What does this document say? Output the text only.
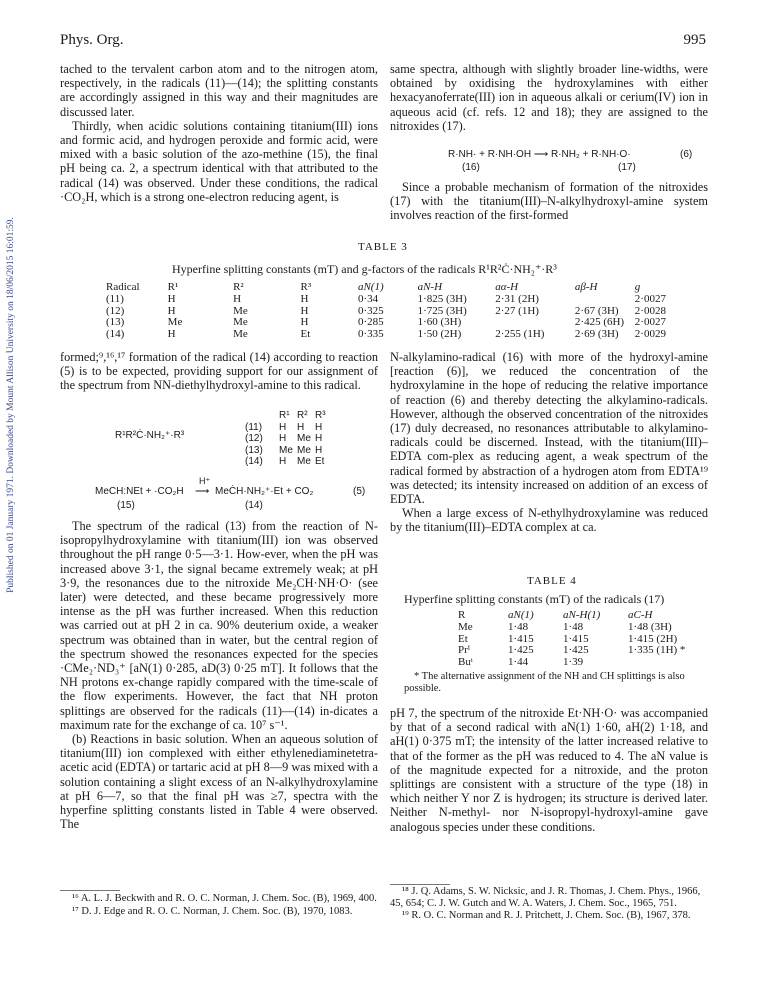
Published on 01 January 1971. Downloaded by Mount Allison University on 18/06/2015 16:01:59.
Phys. Org.	995

tached to the tervalent carbon atom and to the nitrogen atom, respectively, in the radicals (11)—(14); the splitting constants are accordingly assigned in this way and their magnitudes are discussed later.

Thirdly, when acidic solutions containing titanium(III) ions and formic acid, and hydrogen peroxide and formic acid, were mixed with a basic solution of the azo-methine (15), the final pH being ca. 2, a spectrum identical with that attributed to the radical (14) was observed. Under these conditions, the radical ·CO₂H, which is a strong one-electron reducing agent, is

same spectra, although with slightly broader line-widths, were obtained by oxidising the hydroxylamines with either hexacyanoferrate(III) ion in aqueous alkali or cerium(IV) ion in aqueous acid (cf. refs. 12 and 18); they are assigned to the nitroxides (17).

R·NH· + R·NH·OH ⟶ R·NH₂ + R·NH·O·	(6)
(16)	(17)

Since a probable mechanism of formation of the nitroxides (17) with the titanium(III)–N-alkylhydroxyl-amine system involves reaction of the first-formed

TABLE 3
Hyperfine splitting constants (mT) and g-factors of the radicals R¹R²Ċ·NH₂⁺·R³
Radical	R¹	R²	R³	aN(1)	aN-H	aα-H	aβ-H	g
(11)	H	H	H	0·34	1·825 (3H)	2·31 (2H)		2·0027
(12)	H	Me	H	0·325	1·725 (3H)	2·27 (1H)	2·67 (3H)	2·0028
(13)	Me	Me	H	0·285	1·60 (3H)		2·425 (6H)	2·0027
(14)	H	Me	Et	0·335	1·50 (2H)	2·255 (1H)	2·69 (3H)	2·0029

formed;⁹,¹⁶,¹⁷ formation of the radical (14) according to reaction (5) is to be expected, providing support for our assignment of the spectrum from NN-diethylhydroxyl-amine to this radical.

R¹R²Ċ·NH₂⁺·R³
	R¹	R²	R³
(11)	H	H	H
(12)	H	Me	H
(13)	Me	Me	H
(14)	H	Me	Et
MeCH:NEt + ·CO₂H
H⁺
⟶ MeĊH·NH₂⁺·Et + CO₂	(5)
(15)	(14)

The spectrum of the radical (13) from the reaction of N-isopropylhydroxylamine with titanium(III) ion was observed throughout the pH range 0·5—3·1. How-ever, when the pH was increased above 3·1, the signal became extremely weak; at pH 3·9, the resonances due to the nitroxide Me₂CH·NH·O· (see later) were detected, and these became progressively more intense as the pH was further increased. When this reduction was carried out at pH 2 in ca. 90% deuterium oxide, a weaker spectrum was obtained than in water, but the central region of the spectrum showed the resonances expected for the species ·CMe₂·ND₃⁺ [aN(1) 0·285, aD(3) 0·25 mT]. It follows that the NH protons ex-change rapidly compared with the time-scale of the flow experiments. However, the fact that NH proton splittings are observed for the radicals (11)—(14) in-dicates a maximum rate for the exchange of ca. 10⁷ s⁻¹.

(b) Reactions in basic solution. When an aqueous solution of titanium(III) ion complexed with either ethylenediaminetetra-acetic acid (EDTA) or tartaric acid at pH 8—9 was mixed with a solution containing a slight excess of an N-alkylhydroxylamine at pH 6—7, so that the final pH was ≥7, spectra with the hyperfine splitting constants listed in Table 4 were observed. The

N-alkylamino-radical (16) with more of the hydroxyl-amine [reaction (6)], we reduced the concentration of the hydroxylamine in the hope of reducing the relative importance of reaction (6) and thereby detecting the alkylamino-radicals. However, although the observed concentration of the nitroxides (17) duly decreased, no resonances attributable to alkylamino-radicals could be discerned. Instead, with the titanium(III)–EDTA com-plex as reducing agent, a weak spectrum of the radical formed by abstraction of a hydrogen atom from EDTA¹⁹ was detected; its intensity increased on addition of an excess of EDTA.

When a large excess of N-ethylhydroxylamine was reduced by the titanium(III)–EDTA complex at ca.

TABLE 4
Hyperfine splitting constants (mT) of the radicals (17)
R	aN(1)	aN-H(1)	aC-H
Me	1·48	1·48	1·48 (3H)
Et	1·415	1·415	1·415 (2H)
Prⁱ	1·425	1·425	1·335 (1H) *
Buᵗ	1·44	1·39	
* The alternative assignment of the NH and CH splittings is also possible.

pH 7, the spectrum of the nitroxide Et·NH·O· was accompanied by that of a second radical with aN(1) 1·60, aH(2) 1·18, and aH(1) 0·375 mT; the intensity of the latter increased relative to that of the former as the pH was reduced to 4. The aN value is of the magnitude expected for a nitroxide, and the proton splittings are consistent with a structure of the type (18) in which neither Y nor Z is hydrogen; its structure is derived later. Neither N-methyl- nor N-isopropyl-hydroxyl-amine gave analogous species under these conditions.

¹⁶ A. L. J. Beckwith and R. O. C. Norman, J. Chem. Soc. (B), 1969, 400.

¹⁷ D. J. Edge and R. O. C. Norman, J. Chem. Soc. (B), 1970, 1083.

¹⁸ J. Q. Adams, S. W. Nicksic, and J. R. Thomas, J. Chem. Phys., 1966, 45, 654; C. J. W. Gutch and W. A. Waters, J. Chem. Soc., 1965, 751.

¹⁹ R. O. C. Norman and R. J. Pritchett, J. Chem. Soc. (B), 1967, 378.
